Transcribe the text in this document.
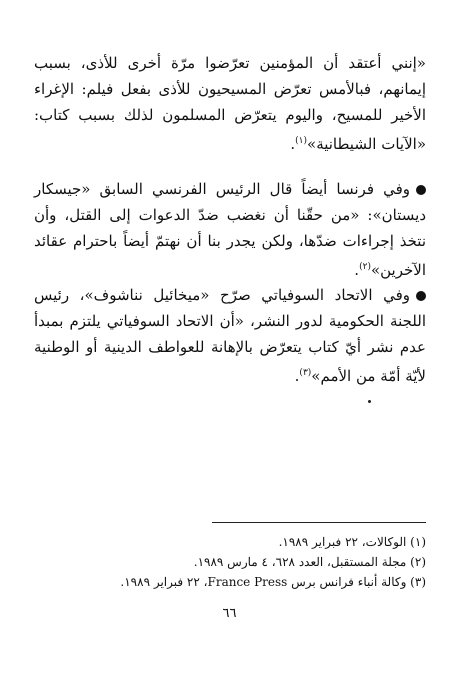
«إنني أعتقد أن المؤمنين تعرّضوا مرّة أخرى للأذى، بسبب إيمانهم، فبالأمس تعرّض المسيحيون للأذى بفعل فيلم: الإغراء الأخير للمسيح، واليوم يتعرّض المسلمون لذلك بسبب كتاب: «الآيات الشيطانية»$^{(١)}$.

وفي فرنسا أيضاً قال الرئيس الفرنسي السابق «جيسكار ديستان»: «من حقّنا أن نغضب ضدّ الدعوات إلى القتل، وأن نتخذ إجراءات ضدّها، ولكن يجدر بنا أن نهتمّ أيضاً باحترام عقائد الآخرين»$^{(٢)}$.

وفي الاتحاد السوفياتي صرّح «ميخائيل نناشوف»، رئيس اللجنة الحكومية لدور النشر، «أن الاتحاد السوفياتي يلتزم بمبدأ عدم نشر أيّ كتاب يتعرّض بالإهانة للعواطف الدينية أو الوطنية لأيّة أمّة من الأمم»$^{(٣)}$.

(١) الوكالات، ٢٢ فبراير ١٩٨٩.
(٢) مجلة المستقبل، العدد ٦٢٨، ٤ مارس ١٩٨٩.
(٣) وكالة أنباء فرانس برس France Press، ٢٢ فبراير ١٩٨٩.
٦٦
